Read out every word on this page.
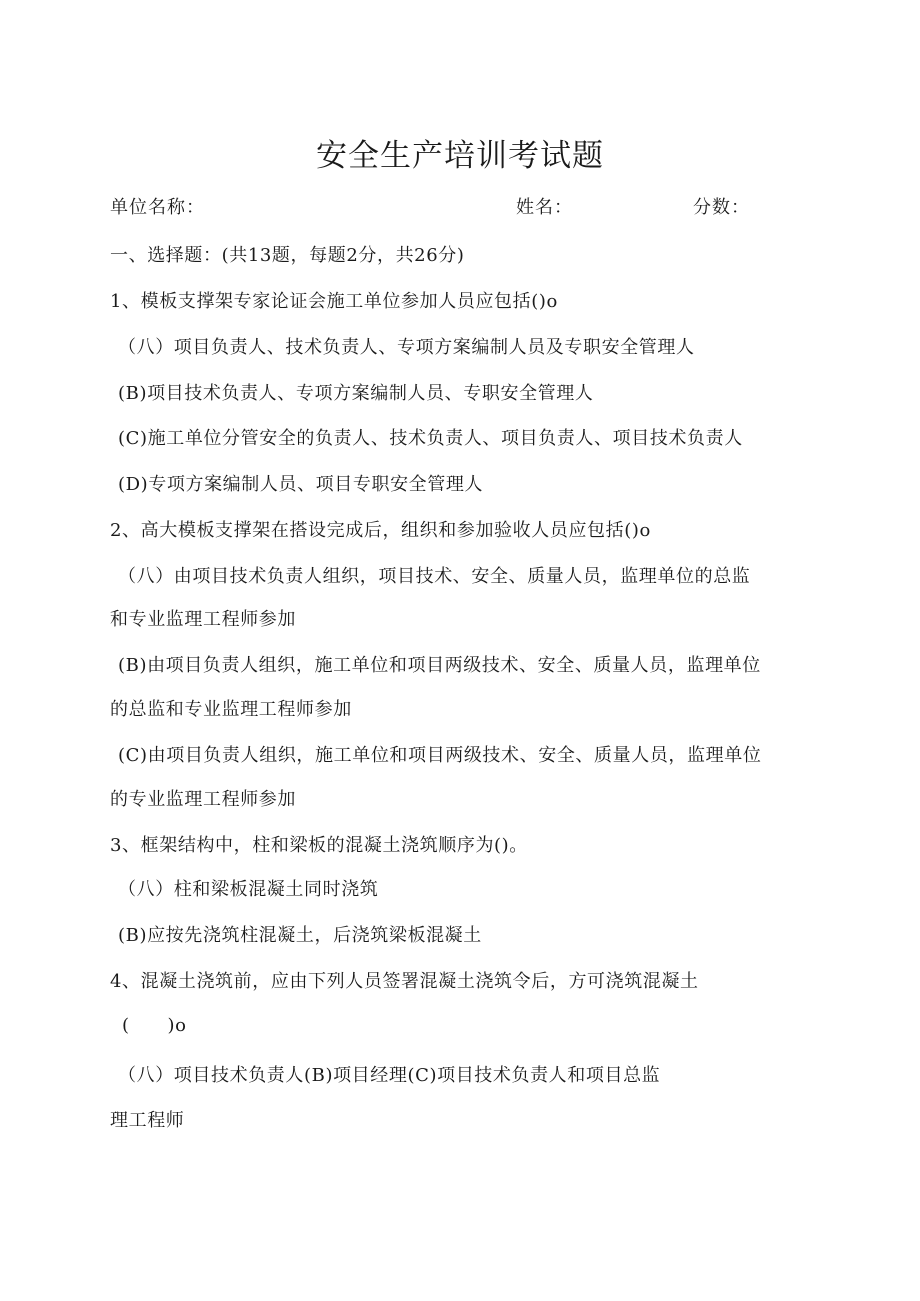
安全生产培训考试题
单位名称：	姓名：	分数：
一、选择题：(共13题，每题2分，共26分)
1、模板支撑架专家论证会施工单位参加人员应包括()o
（八）项目负责人、技术负责人、专项方案编制人员及专职安全管理人
(B)项目技术负责人、专项方案编制人员、专职安全管理人
(C)施工单位分管安全的负责人、技术负责人、项目负责人、项目技术负责人
(D)专项方案编制人员、项目专职安全管理人
2、高大模板支撑架在搭设完成后，组织和参加验收人员应包括()o
（八）由项目技术负责人组织，项目技术、安全、质量人员，监理单位的总监
和专业监理工程师参加
(B)由项目负责人组织，施工单位和项目两级技术、安全、质量人员，监理单位
的总监和专业监理工程师参加
(C)由项目负责人组织，施工单位和项目两级技术、安全、质量人员，监理单位
的专业监理工程师参加
3、框架结构中，柱和梁板的混凝土浇筑顺序为()。
（八）柱和梁板混凝土同时浇筑
(B)应按先浇筑柱混凝土，后浇筑梁板混凝土
4、混凝土浇筑前，应由下列人员签署混凝土浇筑令后，方可浇筑混凝土
(      )o
（八）项目技术负责人(B)项目经理(C)项目技术负责人和项目总监
理工程师
